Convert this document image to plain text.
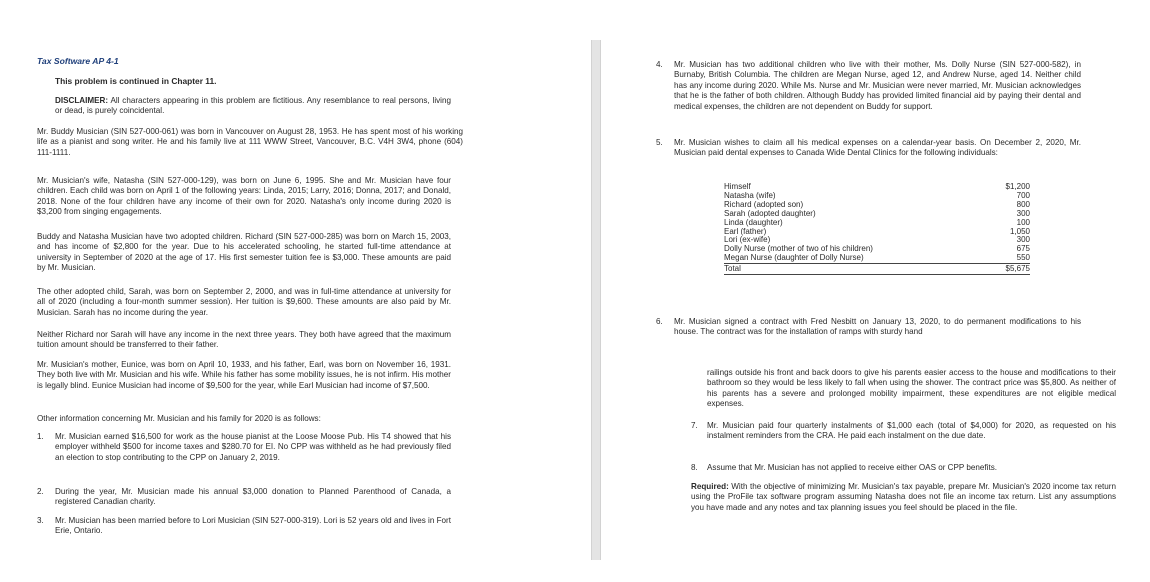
Tax Software AP 4-1
This problem is continued in Chapter 11.
DISCLAIMER: All characters appearing in this problem are fictitious. Any resemblance to real persons, living or dead, is purely coincidental.

Mr. Buddy Musician (SIN 527-000-061) was born in Vancouver on August 28, 1953. He has spent most of his working life as a pianist and song writer. He and his family live at 111 WWW Street, Vancouver, B.C. V4H 3W4, phone (604) 111-1111.

Mr. Musician's wife, Natasha (SIN 527-000-129), was born on June 6, 1995. She and Mr. Musician have four children. Each child was born on April 1 of the following years: Linda, 2015; Larry, 2016; Donna, 2017; and Donald, 2018. None of the four children have any income of their own for 2020. Natasha's only income during 2020 is $3,200 from singing engagements.

Buddy and Natasha Musician have two adopted children. Richard (SIN 527-000-285) was born on March 15, 2003, and has income of $2,800 for the year. Due to his accelerated schooling, he started full-time attendance at university in September of 2020 at the age of 17. His first semester tuition fee is $3,000. These amounts are paid by Mr. Musician.

The other adopted child, Sarah, was born on September 2, 2000, and was in full-time attendance at university for all of 2020 (including a four-month summer session). Her tuition is $9,600. These amounts are also paid by Mr. Musician. Sarah has no income during the year.

Neither Richard nor Sarah will have any income in the next three years. They both have agreed that the maximum tuition amount should be transferred to their father.

Mr. Musician's mother, Eunice, was born on April 10, 1933, and his father, Earl, was born on November 16, 1931. They both live with Mr. Musician and his wife. While his father has some mobility issues, he is not infirm. His mother is legally blind. Eunice Musician had income of $9,500 for the year, while Earl Musician had income of $7,500.

Other information concerning Mr. Musician and his family for 2020 is as follows:

1.	Mr. Musician earned $16,500 for work as the house pianist at the Loose Moose Pub. His T4 showed that his employer withheld $500 for income taxes and $280.70 for EI. No CPP was withheld as he had previously filed an election to stop contributing to the CPP on January 2, 2019.
2.	During the year, Mr. Musician made his annual $3,000 donation to Planned Parenthood of Canada, a registered Canadian charity.
3.	Mr. Musician has been married before to Lori Musician (SIN 527-000-319). Lori is 52 years old and lives in Fort Erie, Ontario.
4.	Mr. Musician has two additional children who live with their mother, Ms. Dolly Nurse (SIN 527-000-582), in Burnaby, British Columbia. The children are Megan Nurse, aged 12, and Andrew Nurse, aged 14. Neither child has any income during 2020. While Ms. Nurse and Mr. Musician were never married, Mr. Musician acknowledges that he is the father of both children. Although Buddy has provided limited financial aid by paying their dental and medical expenses, the children are not dependent on Buddy for support.
5.	Mr. Musician wishes to claim all his medical expenses on a calendar-year basis. On December 2, 2020, Mr. Musician paid dental expenses to Canada Wide Dental Clinics for the following individuals:
Himself	$1,200
Natasha (wife)	700
Richard (adopted son)	800
Sarah (adopted daughter)	300
Linda (daughter)	100
Earl (father)	1,050
Lori (ex-wife)	300
Dolly Nurse (mother of two of his children)	675
Megan Nurse (daughter of Dolly Nurse)	550
Total	$5,675
6.	Mr. Musician signed a contract with Fred Nesbitt on January 13, 2020, to do permanent modifications to his house. The contract was for the installation of ramps with sturdy hand

railings outside his front and back doors to give his parents easier access to the house and modifications to their bathroom so they would be less likely to fall when using the shower. The contract price was $5,800. As neither of his parents has a severe and prolonged mobility impairment, these expenditures are not eligible medical expenses.

7.	Mr. Musician paid four quarterly instalments of $1,000 each (total of $4,000) for 2020, as requested on his instalment reminders from the CRA. He paid each instalment on the due date.
8.	Assume that Mr. Musician has not applied to receive either OAS or CPP benefits.
Required: With the objective of minimizing Mr. Musician's tax payable, prepare Mr. Musician's 2020 income tax return using the ProFile tax software program assuming Natasha does not file an income tax return. List any assumptions you have made and any notes and tax planning issues you feel should be placed in the file.
